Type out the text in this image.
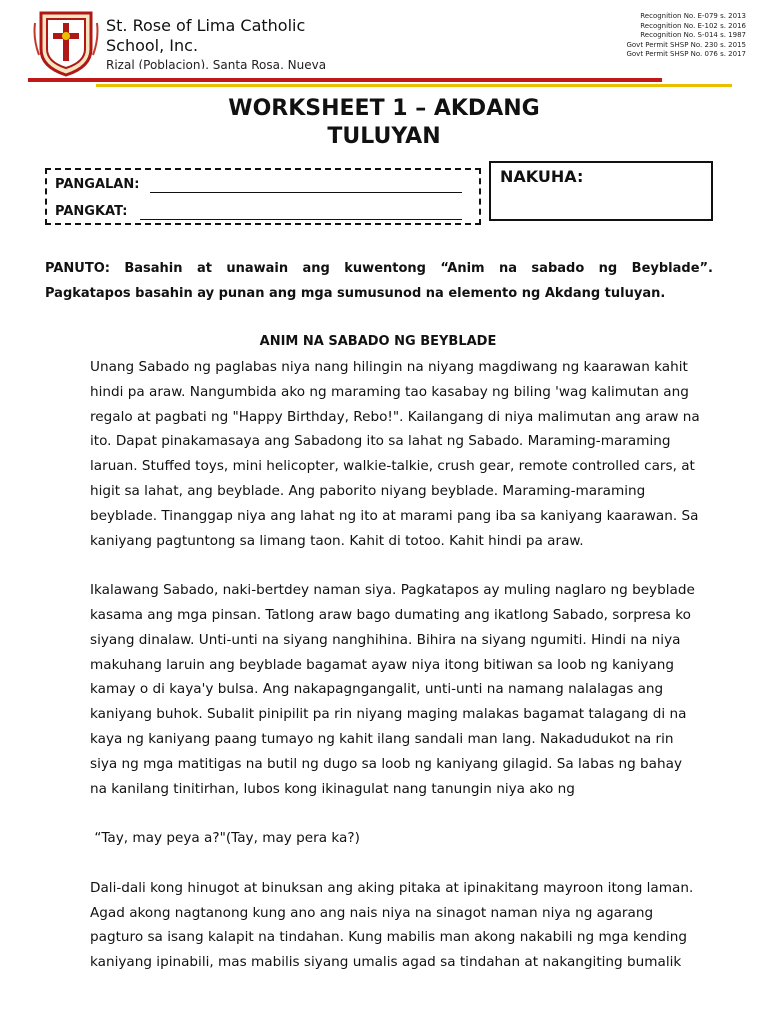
St. Rose of Lima Catholic School, Inc.
Rizal (Poblacion), Santa Rosa, Nueva
Recognition No. E-079 s. 2013
Recognition No. E-102 s. 2016
Recognition No. S-014 s. 1987
Govt Permit SHSP No. 230 s. 2015
Govt Permit SHSP No. 076 s. 2017
WORKSHEET 1 – AKDANG
TULUYAN
PANGALAN:
PANGKAT:
NAKUHA:
PANUTO: Basahin at unawain ang kuwentong “Anim na sabado ng Beyblade”.
Pagkatapos basahin ay punan ang mga sumusunod na elemento ng Akdang tuluyan.
ANIM NA SABADO NG BEYBLADE

Unang Sabado ng paglabas niya nang hilingin na niyang magdiwang ng kaarawan kahit

hindi pa araw. Nangumbida ako ng maraming tao kasabay ng biling 'wag kalimutan ang

regalo at pagbati ng "Happy Birthday, Rebo!". Kailangang di niya malimutan ang araw na

ito. Dapat pinakamasaya ang Sabadong ito sa lahat ng Sabado. Maraming-maraming

laruan. Stuffed toys, mini helicopter, walkie-talkie, crush gear, remote controlled cars, at

higit sa lahat, ang beyblade. Ang paborito niyang beyblade. Maraming-maraming

beyblade. Tinanggap niya ang lahat ng ito at marami pang iba sa kaniyang kaarawan. Sa

kaniyang pagtuntong sa limang taon. Kahit di totoo. Kahit hindi pa araw.

Ikalawang Sabado, naki-bertdey naman siya. Pagkatapos ay muling naglaro ng beyblade

kasama ang mga pinsan. Tatlong araw bago dumating ang ikatlong Sabado, sorpresa ko

siyang dinalaw. Unti-unti na siyang nanghihina. Bihira na siyang ngumiti. Hindi na niya

makuhang laruin ang beyblade bagamat ayaw niya itong bitiwan sa loob ng kaniyang

kamay o di kaya'y bulsa. Ang nakapagngangalit, unti-unti na namang nalalagas ang

kaniyang buhok. Subalit pinipilit pa rin niyang maging malakas bagamat talagang di na

kaya ng kaniyang paang tumayo ng kahit ilang sandali man lang. Nakadudukot na rin

siya ng mga matitigas na butil ng dugo sa loob ng kaniyang gilagid. Sa labas ng bahay

na kanilang tinitirhan, lubos kong ikinagulat nang tanungin niya ako ng

“Tay, may peya a?"(Tay, may pera ka?)

Dali-dali kong hinugot at binuksan ang aking pitaka at ipinakitang mayroon itong laman.

Agad akong nagtanong kung ano ang nais niya na sinagot naman niya ng agarang

pagturo sa isang kalapit na tindahan. Kung mabilis man akong nakabili ng mga kending

kaniyang ipinabili, mas mabilis siyang umalis agad sa tindahan at nakangiting bumalik
